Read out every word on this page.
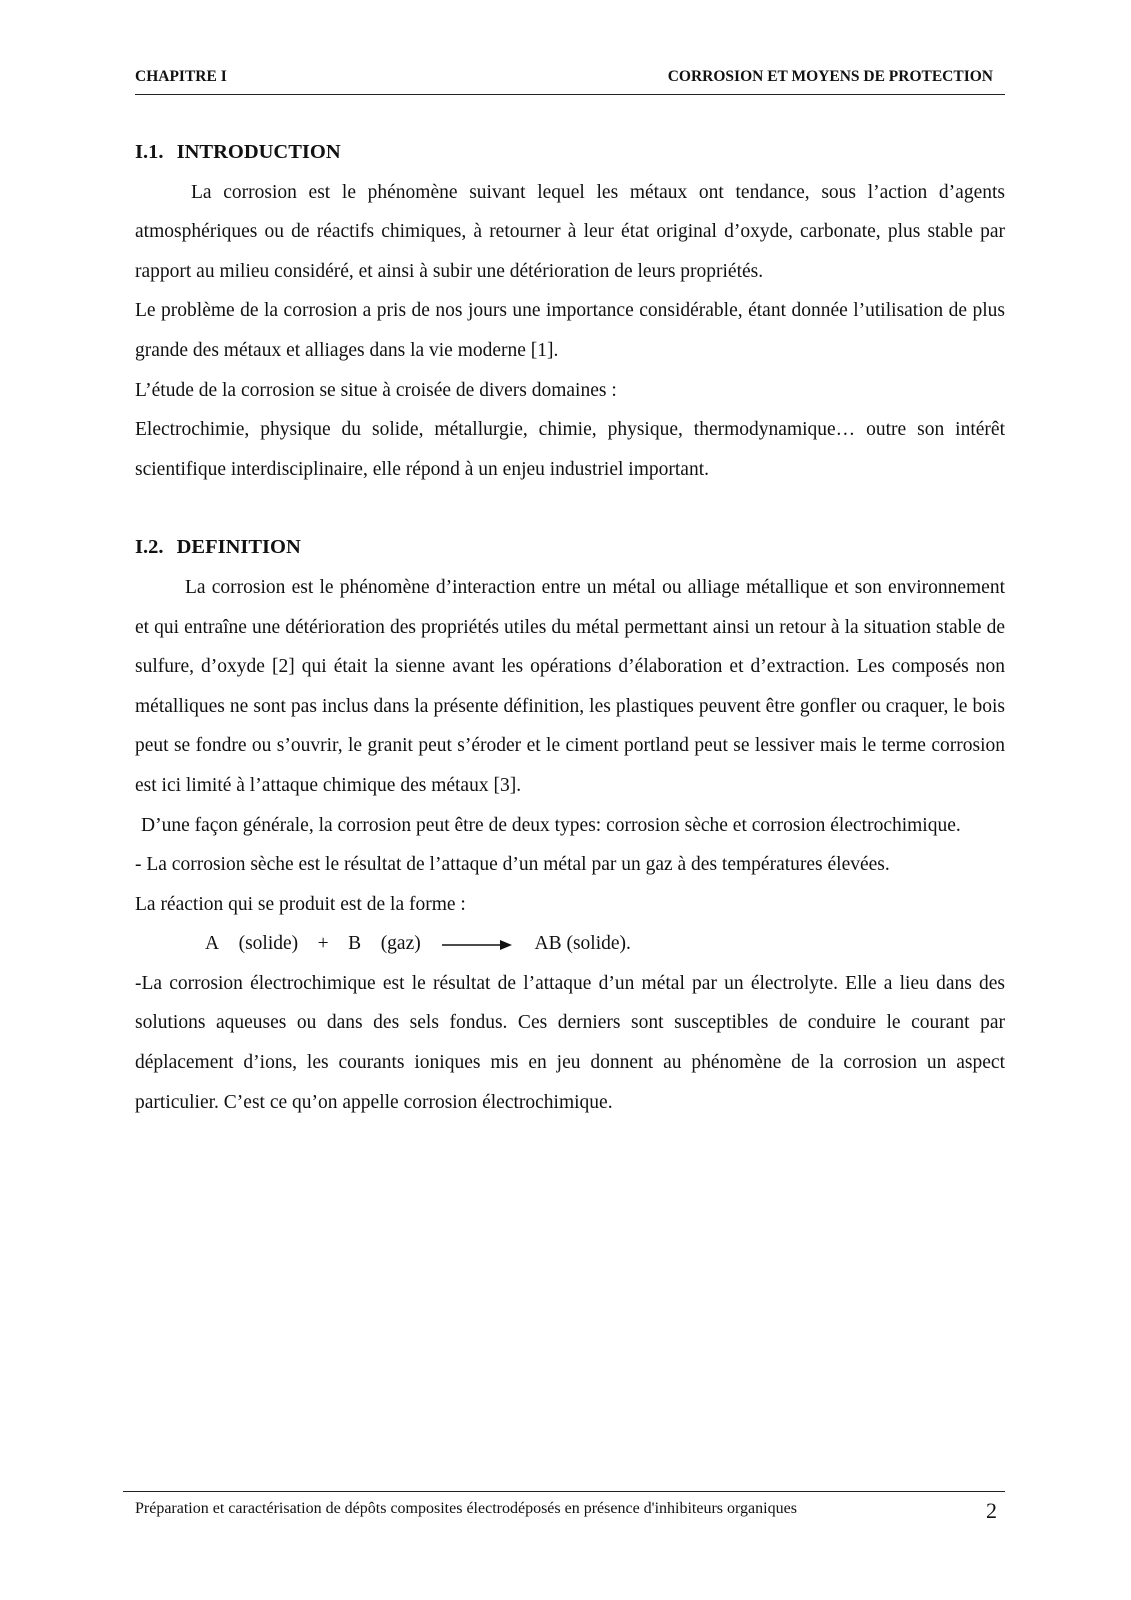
CHAPITRE I	CORROSION ET MOYENS DE PROTECTION
I.1. INTRODUCTION

La corrosion est le phénomène suivant lequel les métaux ont tendance, sous l’action d’agents atmosphériques ou de réactifs chimiques, à retourner à leur état original d’oxyde, carbonate, plus stable par rapport au milieu considéré, et ainsi à subir une détérioration de leurs propriétés.

Le problème de la corrosion a pris de nos jours une importance considérable, étant donnée l’utilisation de plus grande des métaux et alliages dans la vie moderne [1].

L’étude de la corrosion se situe à croisée de divers domaines :

Electrochimie, physique du solide, métallurgie, chimie, physique, thermodynamique… outre son intérêt scientifique interdisciplinaire, elle répond à un enjeu industriel important.

I.2. DEFINITION

La corrosion est le phénomène d’interaction entre un métal ou alliage métallique et son environnement et qui entraîne une détérioration des propriétés utiles du métal permettant ainsi un retour à la situation stable de sulfure, d’oxyde [2] qui était la sienne avant les opérations d’élaboration et d’extraction. Les composés non métalliques ne sont pas inclus dans la présente définition, les plastiques peuvent être gonfler ou craquer, le bois peut se fondre ou s’ouvrir, le granit peut s’éroder et le ciment portland peut se lessiver mais le terme corrosion est ici limité à l’attaque chimique des métaux [3].

D’une façon générale, la corrosion peut être de deux types: corrosion sèche et corrosion électrochimique.

- La corrosion sèche est le résultat de l’attaque d’un métal par un gaz à des températures élevées.

La réaction qui se produit est de la forme :

A (solide) + B (gaz) → AB (solide).

-La corrosion électrochimique est le résultat de l’attaque d’un métal par un électrolyte. Elle a lieu dans des solutions aqueuses ou dans des sels fondus. Ces derniers sont susceptibles de conduire le courant par déplacement d’ions, les courants ioniques mis en jeu donnent au phénomène de la corrosion un aspect particulier. C’est ce qu’on appelle corrosion électrochimique.

Préparation et caractérisation de dépôts composites électrodéposés en présence d'inhibiteurs organiques	2
